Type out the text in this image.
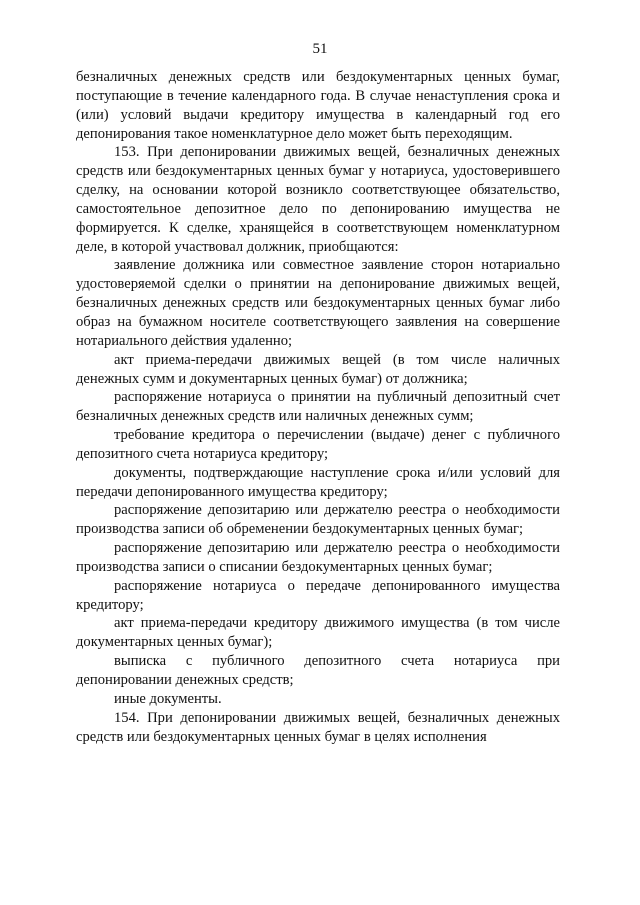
51

безналичных денежных средств или бездокументарных ценных бумаг, поступающие в течение календарного года. В случае ненаступления срока и (или) условий выдачи кредитору имущества в календарный год его депонирования такое номенклатурное дело может быть переходящим.

153. При депонировании движимых вещей, безналичных денежных средств или бездокументарных ценных бумаг у нотариуса, удостоверившего сделку, на основании которой возникло соответствующее обязательство, самостоятельное депозитное дело по депонированию имущества не формируется. К сделке, хранящейся в соответствующем номенклатурном деле, в которой участвовал должник, приобщаются:

заявление должника или совместное заявление сторон нотариально удостоверяемой сделки о принятии на депонирование движимых вещей, безналичных денежных средств или бездокументарных ценных бумаг либо образ на бумажном носителе соответствующего заявления на совершение нотариального действия удаленно;

акт приема-передачи движимых вещей (в том числе наличных денежных сумм и документарных ценных бумаг) от должника;

распоряжение нотариуса о принятии на публичный депозитный счет безналичных денежных средств или наличных денежных сумм;

требование кредитора о перечислении (выдаче) денег с публичного депозитного счета нотариуса кредитору;

документы, подтверждающие наступление срока и/или условий для передачи депонированного имущества кредитору;

распоряжение депозитарию или держателю реестра о необходимости производства записи об обременении бездокументарных ценных бумаг;

распоряжение депозитарию или держателю реестра о необходимости производства записи о списании бездокументарных ценных бумаг;

распоряжение нотариуса о передаче депонированного имущества кредитору;

акт приема-передачи кредитору движимого имущества (в том числе документарных ценных бумаг);

выписка с публичного депозитного счета нотариуса при депонировании денежных средств;

иные документы.

154. При депонировании движимых вещей, безналичных денежных средств или бездокументарных ценных бумаг в целях исполнения
